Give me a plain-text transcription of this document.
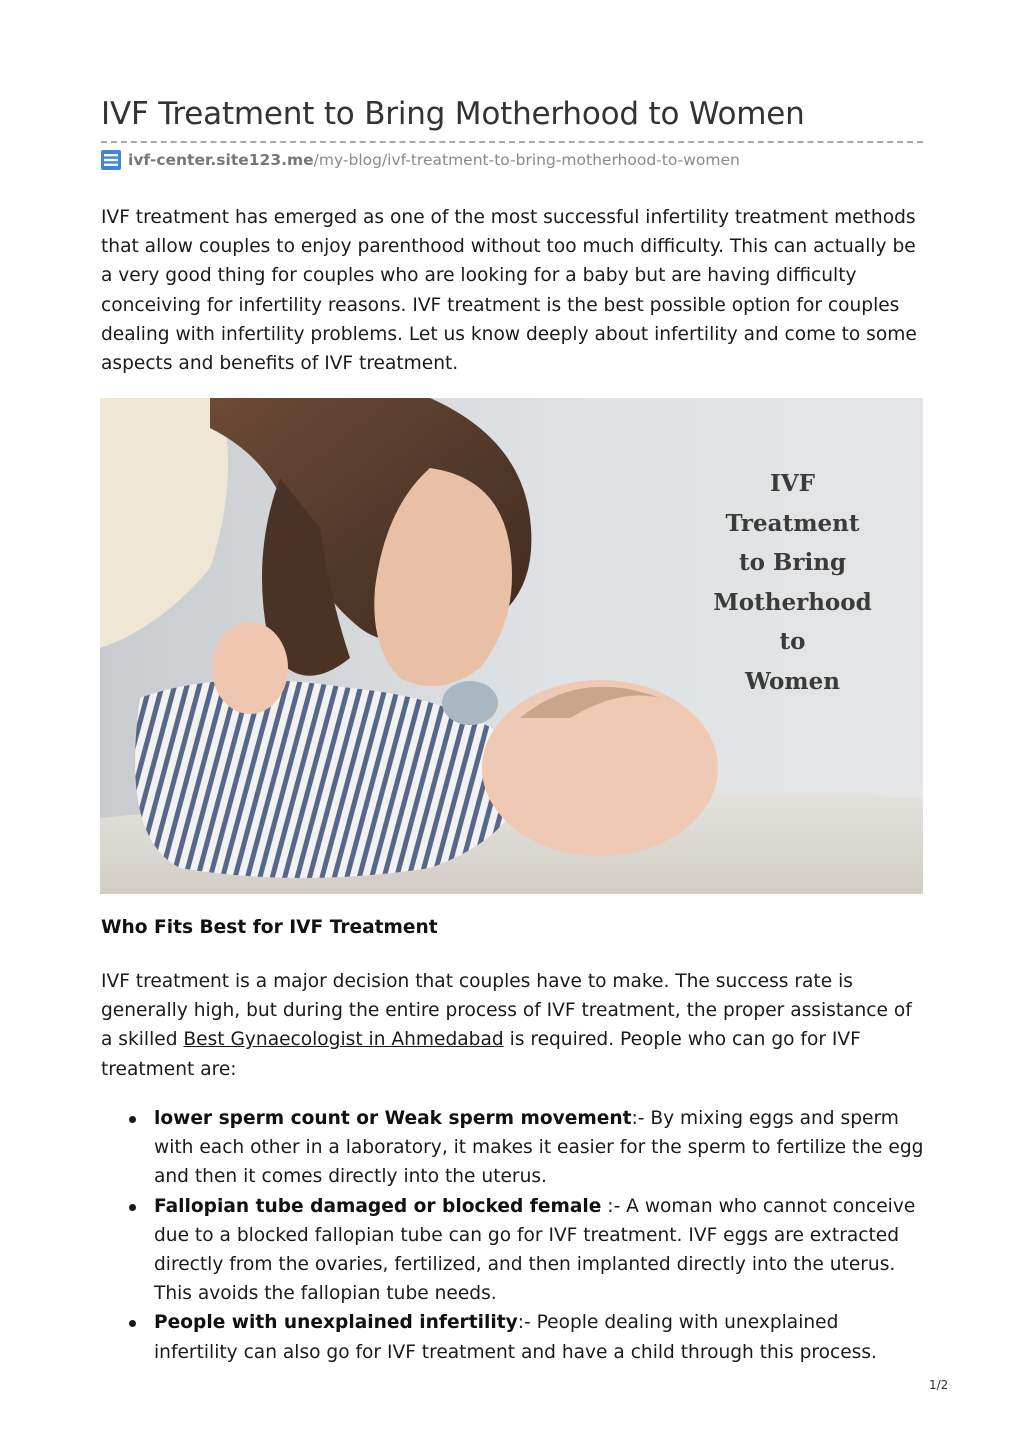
IVF Treatment to Bring Motherhood to Women
ivf-center.site123.me /my-blog/ivf-treatment-to-bring-motherhood-to-women

IVF treatment has emerged as one of the most successful infertility treatment methods that allow couples to enjoy parenthood without too much difficulty. This can actually be a very good thing for couples who are looking for a baby but are having difficulty conceiving for infertility reasons. IVF treatment is the best possible option for couples dealing with infertility problems. Let us know deeply about infertility and come to some aspects and benefits of IVF treatment.

IVF Treatment
to Bring
Motherhood to
Women
Who Fits Best for IVF Treatment

IVF treatment is a major decision that couples have to make. The success rate is generally high, but during the entire process of IVF treatment, the proper assistance of a skilled Best Gynaecologist in Ahmedabad is required. People who can go for IVF treatment are:

lower sperm count or Weak sperm movement:- By mixing eggs and sperm with each other in a laboratory, it makes it easier for the sperm to fertilize the egg and then it comes directly into the uterus.
Fallopian tube damaged or blocked female :- A woman who cannot conceive due to a blocked fallopian tube can go for IVF treatment. IVF eggs are extracted directly from the ovaries, fertilized, and then implanted directly into the uterus. This avoids the fallopian tube needs.
People with unexplained infertility:- People dealing with unexplained infertility can also go for IVF treatment and have a child through this process.
1/2
